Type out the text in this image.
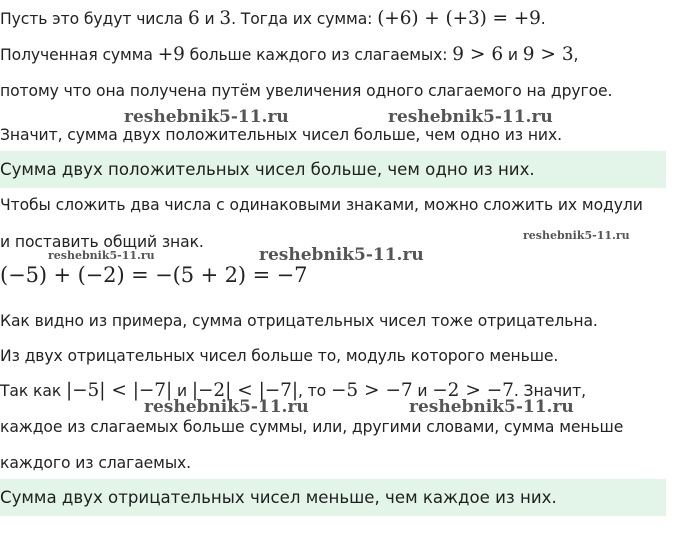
Пусть это будут числа 6 и 3. Тогда их сумма: (+6) + (+3) = +9.
Полученная сумма +9 больше каждого из слагаемых: 9 > 6 и 9 > 3,
потому что она получена путём увеличения одного слагаемого на другое.
reshebnik5-11.ru	reshebnik5-11.ru
Значит, сумма двух положительных чисел больше, чем одно из них.
Сумма двух положительных чисел больше, чем одно из них.
Чтобы сложить два числа с одинаковыми знаками, можно сложить их модули
reshebnik5-11.ru
и поставить общий знак.
reshebnik5-11.ru
reshebnik5-11.ru
(−5) + (−2) = −(5 + 2) = −7
Как видно из примера, сумма отрицательных чисел тоже отрицательна.
Из двух отрицательных чисел больше то, модуль которого меньше.
Так как |−5| < |−7| и |−2| < |−7|, то −5 > −7 и −2 > −7. Значит,
reshebnik5-11.ru	reshebnik5-11.ru
каждое из слагаемых больше суммы, или, другими словами, сумма меньше
каждого из слагаемых.
Сумма двух отрицательных чисел меньше, чем каждое из них.
